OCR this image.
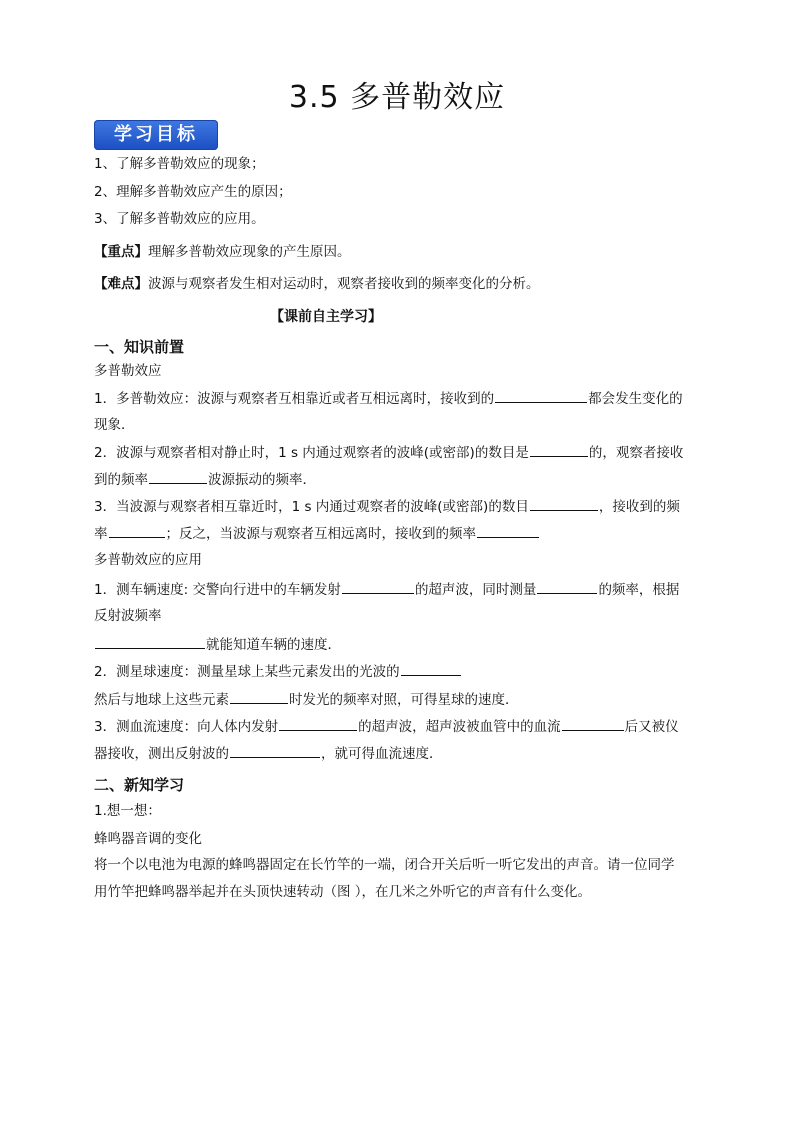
3.5 多普勒效应
学习目标
1、了解多普勒效应的现象；
2、理解多普勒效应产生的原因；
3、了解多普勒效应的应用。
【重点】理解多普勒效应现象的产生原因。
【难点】波源与观察者发生相对运动时，观察者接收到的频率变化的分析。
【课前自主学习】
一、知识前置
多普勒效应
1．多普勒效应：波源与观察者互相靠近或者互相远离时，接收到的	都会发生变化的
现象．
2．波源与观察者相对静止时，1 s 内通过观察者的波峰(或密部)的数目是	的，观察者接收
到的频率	波源振动的频率．
3．当波源与观察者相互靠近时，1 s 内通过观察者的波峰(或密部)的数目	，接收到的频
率	；反之，当波源与观察者互相远离时，接收到的频率
多普勒效应的应用
1．测车辆速度: 交警向行进中的车辆发射	的超声波，同时测量	的频率，根据
反射波频率
就能知道车辆的速度．
2．测星球速度：测量星球上某些元素发出的光波的
然后与地球上这些元素	时发光的频率对照，可得星球的速度．
3．测血流速度：向人体内发射	的超声波，超声波被血管中的血流	后又被仪
器接收，测出反射波的	，就可得血流速度．
二、新知学习
1.想一想：
蜂鸣器音调的变化
将一个以电池为电源的蜂鸣器固定在长竹竿的一端，闭合开关后听一听它发出的声音。请一位同学
用竹竿把蜂鸣器举起并在头顶快速转动（图 ），在几米之外听它的声音有什么变化。
